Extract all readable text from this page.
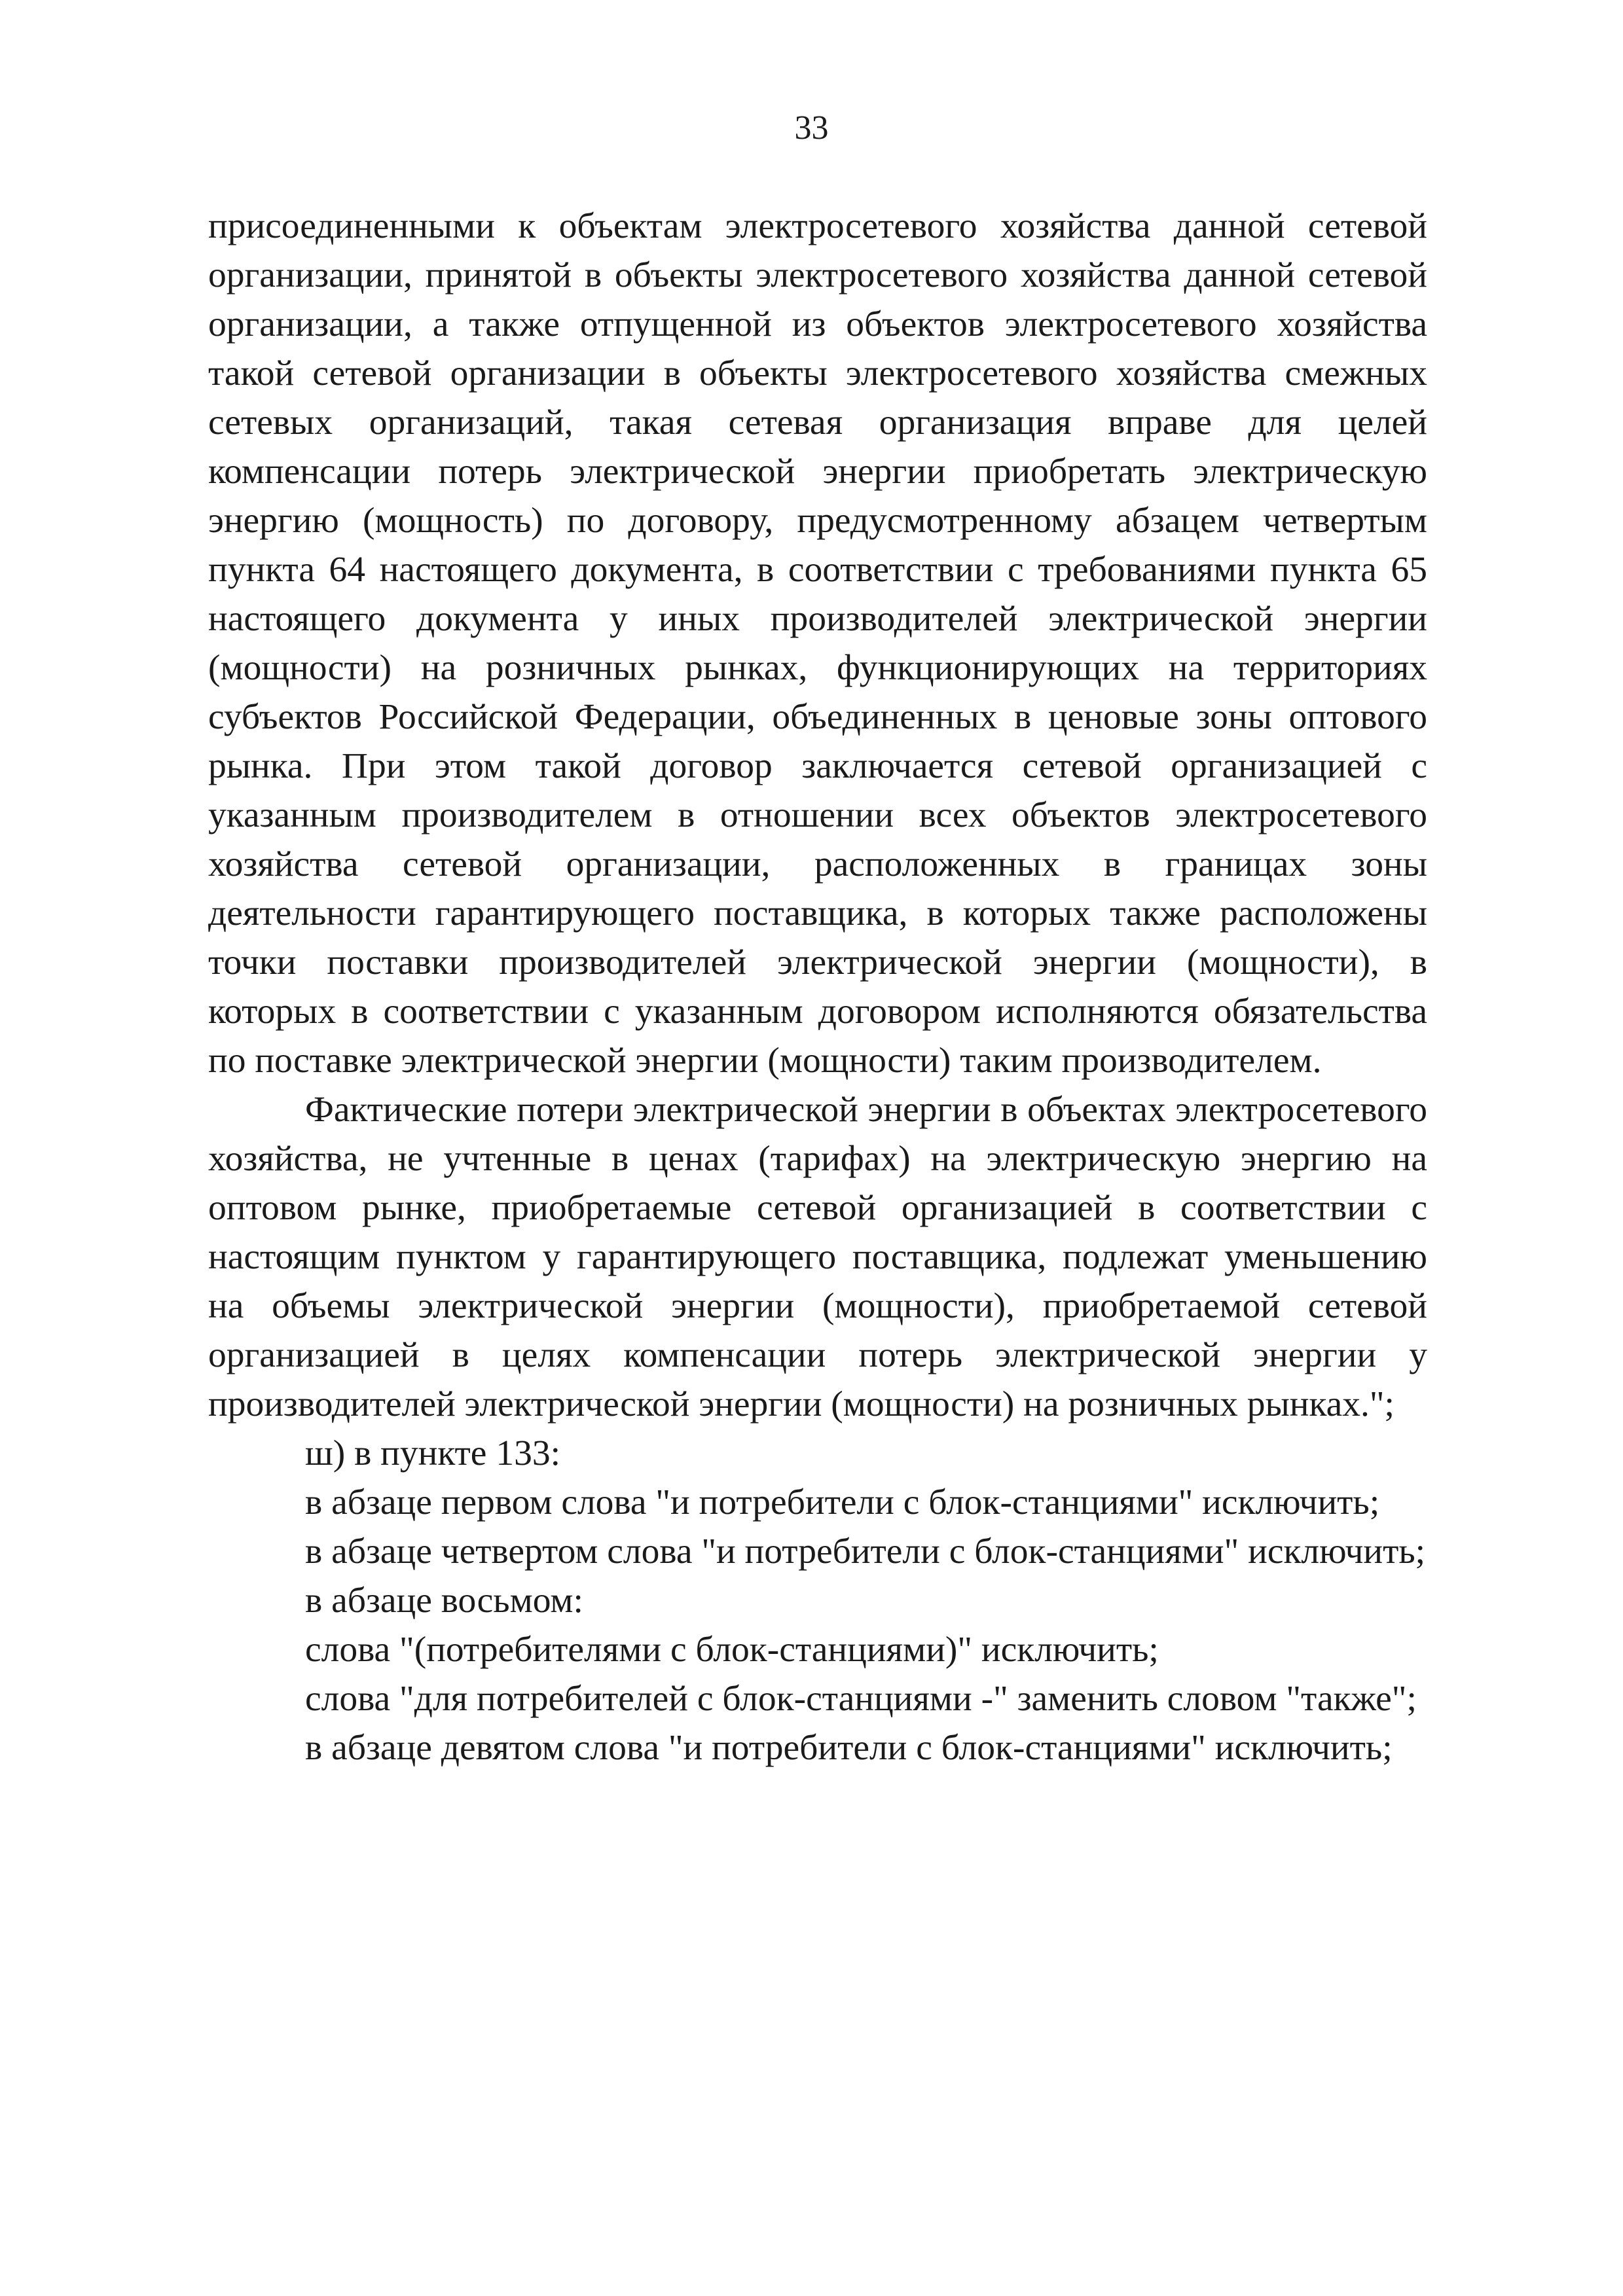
33

присоединенными к объектам электросетевого хозяйства данной сетевой организации, принятой в объекты электросетевого хозяйства данной сетевой организации, а также отпущенной из объектов электросетевого хозяйства такой сетевой организации в объекты электросетевого хозяйства смежных сетевых организаций, такая сетевая организация вправе для целей компенсации потерь электрической энергии приобретать электрическую энергию (мощность) по договору, предусмотренному абзацем четвертым пункта 64 настоящего документа, в соответствии с требованиями пункта 65 настоящего документа у иных производителей электрической энергии (мощности) на розничных рынках, функционирующих на территориях субъектов Российской Федерации, объединенных в ценовые зоны оптового рынка. При этом такой договор заключается сетевой организацией с указанным производителем в отношении всех объектов электросетевого хозяйства сетевой организации, расположенных в границах зоны деятельности гарантирующего поставщика, в которых также расположены точки поставки производителей электрической энергии (мощности), в которых в соответствии с указанным договором исполняются обязательства по поставке электрической энергии (мощности) таким производителем.

Фактические потери электрической энергии в объектах электросетевого хозяйства, не учтенные в ценах (тарифах) на электрическую энергию на оптовом рынке, приобретаемые сетевой организацией в соответствии с настоящим пунктом у гарантирующего поставщика, подлежат уменьшению на объемы электрической энергии (мощности), приобретаемой сетевой организацией в целях компенсации потерь электрической энергии у производителей электрической энергии (мощности) на розничных рынках.";

ш) в пункте 133:

в абзаце первом слова "и потребители с блок-станциями" исключить;

в абзаце четвертом слова "и потребители с блок-станциями" исключить;

в абзаце восьмом:

слова "(потребителями с блок-станциями)" исключить;

слова "для потребителей с блок-станциями -" заменить словом "также";

в абзаце девятом слова "и потребители с блок-станциями" исключить;
